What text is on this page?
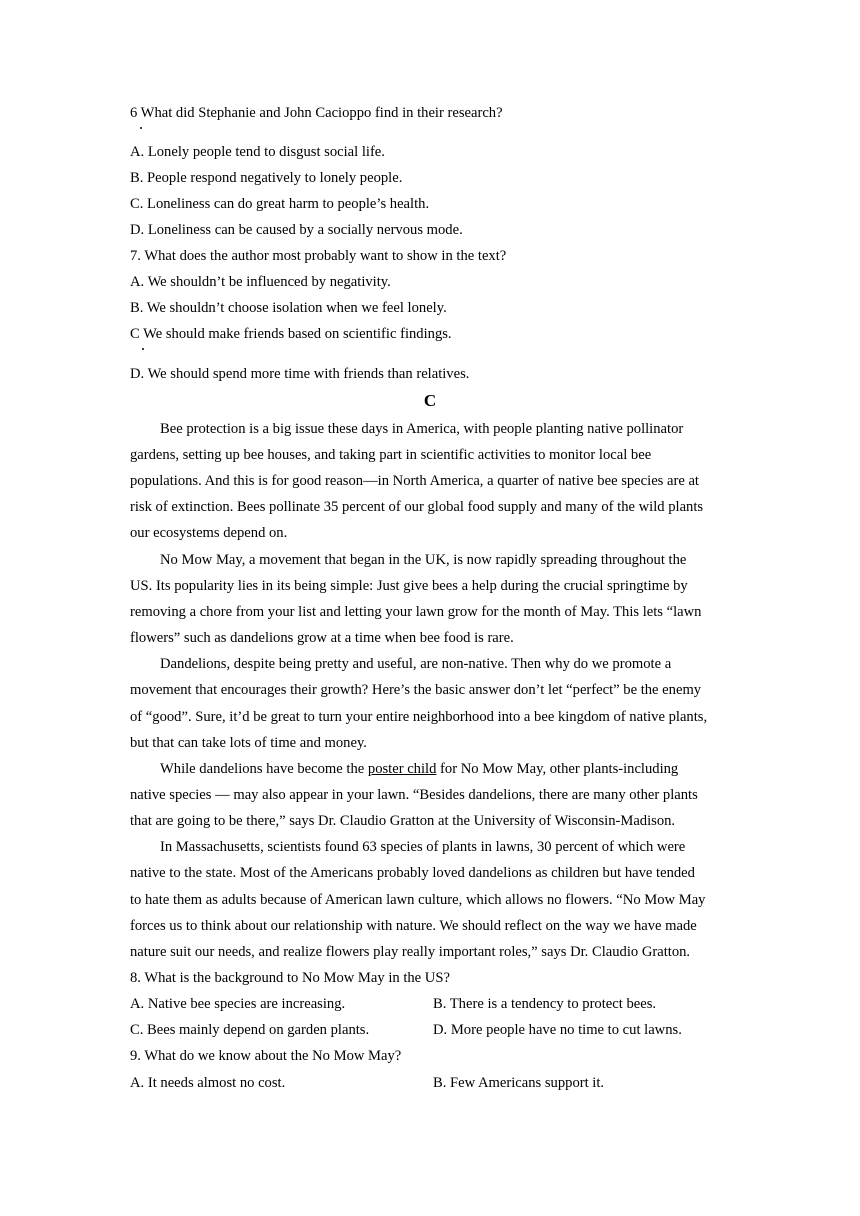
6 What did Stephanie and John Cacioppo find in their research?
A. Lonely people tend to disgust social life.
B. People respond negatively to lonely people.
C. Loneliness can do great harm to people’s health.
D. Loneliness can be caused by a socially nervous mode.
7. What does the author most probably want to show in the text?
A. We shouldn’t be influenced by negativity.
B. We shouldn’t choose isolation when we feel lonely.
C We should make friends based on scientific findings.
D. We should spend more time with friends than relatives.
C
Bee protection is a big issue these days in America, with people planting native pollinator
gardens, setting up bee houses, and taking part in scientific activities to monitor local bee
populations. And this is for good reason—in North America, a quarter of native bee species are at
risk of extinction. Bees pollinate 35 percent of our global food supply and many of the wild plants
our ecosystems depend on.
No Mow May, a movement that began in the UK, is now rapidly spreading throughout the
US. Its popularity lies in its being simple: Just give bees a help during the crucial springtime by
removing a chore from your list and letting your lawn grow for the month of May. This lets “lawn
flowers” such as dandelions grow at a time when bee food is rare.
Dandelions, despite being pretty and useful, are non-native. Then why do we promote a
movement that encourages their growth? Here’s the basic answer don’t let “perfect” be the enemy
of “good”. Sure, it’d be great to turn your entire neighborhood into a bee kingdom of native plants,
but that can take lots of time and money.
While dandelions have become the poster child for No Mow May, other plants-including
native species — may also appear in your lawn. “Besides dandelions, there are many other plants
that are going to be there,” says Dr. Claudio Gratton at the University of Wisconsin-Madison.
In Massachusetts, scientists found 63 species of plants in lawns, 30 percent of which were
native to the state. Most of the Americans probably loved dandelions as children but have tended
to hate them as adults because of American lawn culture, which allows no flowers. “No Mow May
forces us to think about our relationship with nature. We should reflect on the way we have made
nature suit our needs, and realize flowers play really important roles,” says Dr. Claudio Gratton.
8. What is the background to No Mow May in the US?
A. Native bee species are increasing.	B. There is a tendency to protect bees.
C. Bees mainly depend on garden plants.	D. More people have no time to cut lawns.
9. What do we know about the No Mow May?
A. It needs almost no cost.	B. Few Americans support it.
